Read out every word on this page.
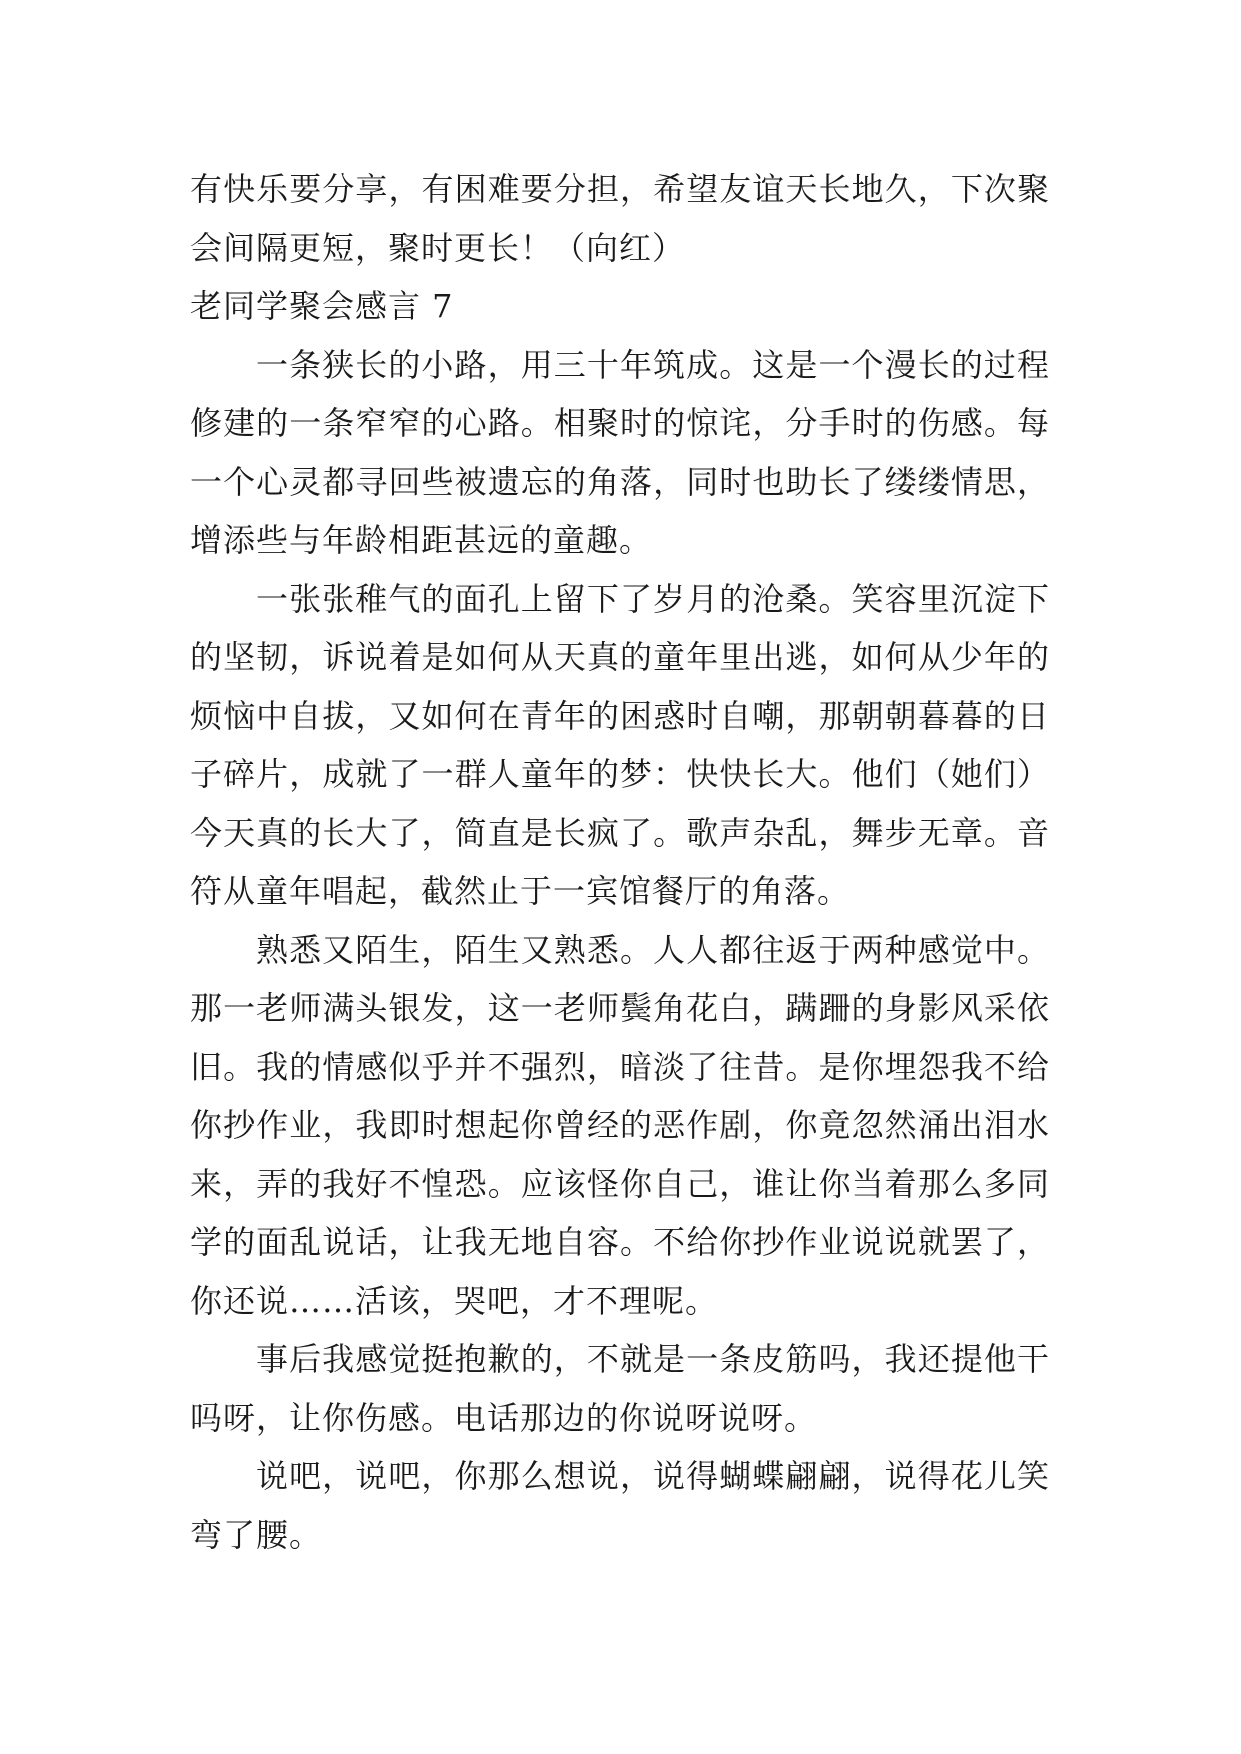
有快乐要分享，有困难要分担，希望友谊天长地久，下次聚会间隔更短，聚时更长！（向红）

老同学聚会感言 7

一条狭长的小路，用三十年筑成。这是一个漫长的过程修建的一条窄窄的心路。相聚时的惊诧，分手时的伤感。每一个心灵都寻回些被遗忘的角落，同时也助长了缕缕情思，增添些与年龄相距甚远的童趣。

一张张稚气的面孔上留下了岁月的沧桑。笑容里沉淀下的坚韧，诉说着是如何从天真的童年里出逃，如何从少年的烦恼中自拔，又如何在青年的困惑时自嘲，那朝朝暮暮的日子碎片，成就了一群人童年的梦：快快长大。他们（她们）今天真的长大了，简直是长疯了。歌声杂乱，舞步无章。音符从童年唱起，截然止于一宾馆餐厅的角落。

熟悉又陌生，陌生又熟悉。人人都往返于两种感觉中。那一老师满头银发，这一老师鬓角花白，蹒跚的身影风采依旧。我的情感似乎并不强烈，暗淡了往昔。是你埋怨我不给你抄作业，我即时想起你曾经的恶作剧，你竟忽然涌出泪水来，弄的我好不惶恐。应该怪你自己，谁让你当着那么多同学的面乱说话，让我无地自容。不给你抄作业说说就罢了，你还说……活该，哭吧，才不理呢。

事后我感觉挺抱歉的，不就是一条皮筋吗，我还提他干吗呀，让你伤感。电话那边的你说呀说呀。

说吧，说吧，你那么想说，说得蝴蝶翩翩，说得花儿笑弯了腰。
